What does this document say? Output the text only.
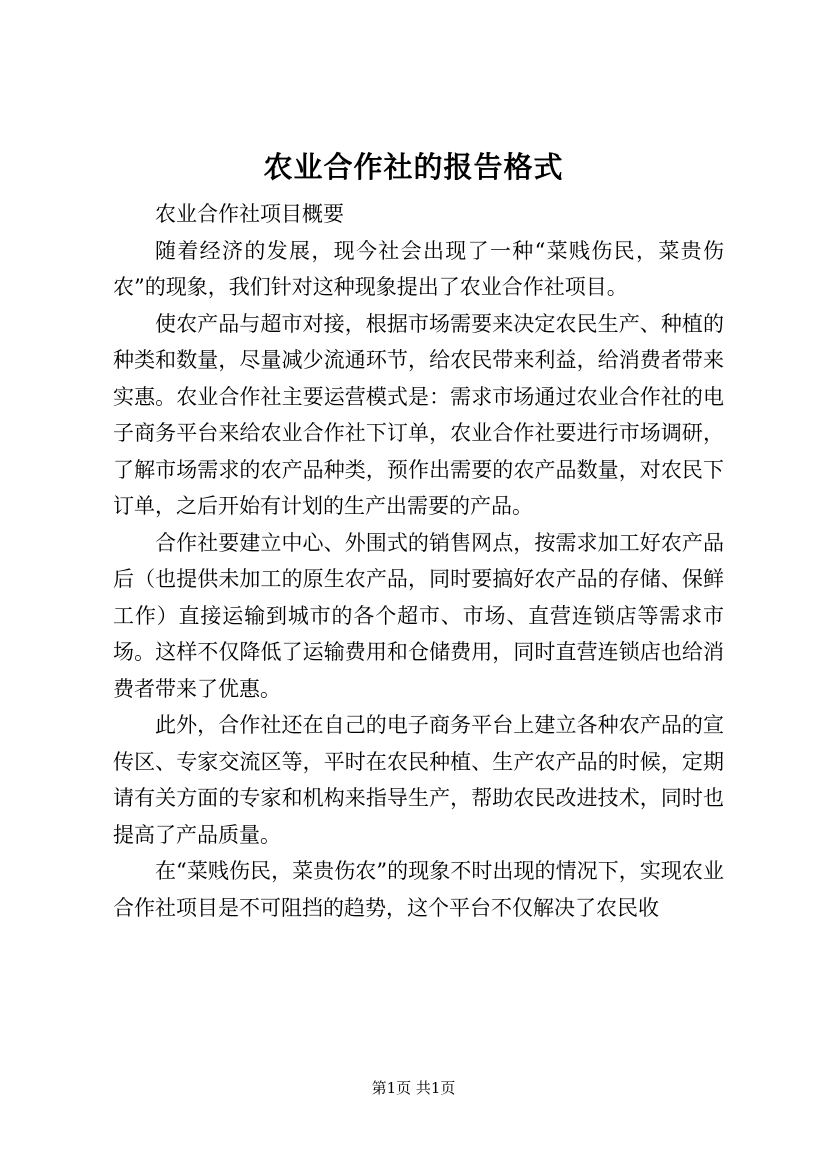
农业合作社的报告格式

农业合作社项目概要

随着经济的发展，现今社会出现了一种“菜贱伤民，菜贵伤农”的现象，我们针对这种现象提出了农业合作社项目。

使农产品与超市对接，根据市场需要来决定农民生产、种植的种类和数量，尽量减少流通环节，给农民带来利益，给消费者带来实惠。农业合作社主要运营模式是：需求市场通过农业合作社的电子商务平台来给农业合作社下订单，农业合作社要进行市场调研，了解市场需求的农产品种类，预作出需要的农产品数量，对农民下订单，之后开始有计划的生产出需要的产品。

合作社要建立中心、外围式的销售网点，按需求加工好农产品后（也提供未加工的原生农产品，同时要搞好农产品的存储、保鲜工作）直接运输到城市的各个超市、市场、直营连锁店等需求市场。这样不仅降低了运输费用和仓储费用，同时直营连锁店也给消费者带来了优惠。

此外，合作社还在自己的电子商务平台上建立各种农产品的宣传区、专家交流区等，平时在农民种植、生产农产品的时候，定期请有关方面的专家和机构来指导生产，帮助农民改进技术，同时也提高了产品质量。

在“菜贱伤民，菜贵伤农”的现象不时出现的情况下，实现农业合作社项目是不可阻挡的趋势，这个平台不仅解决了农民收

第1页 共1页
